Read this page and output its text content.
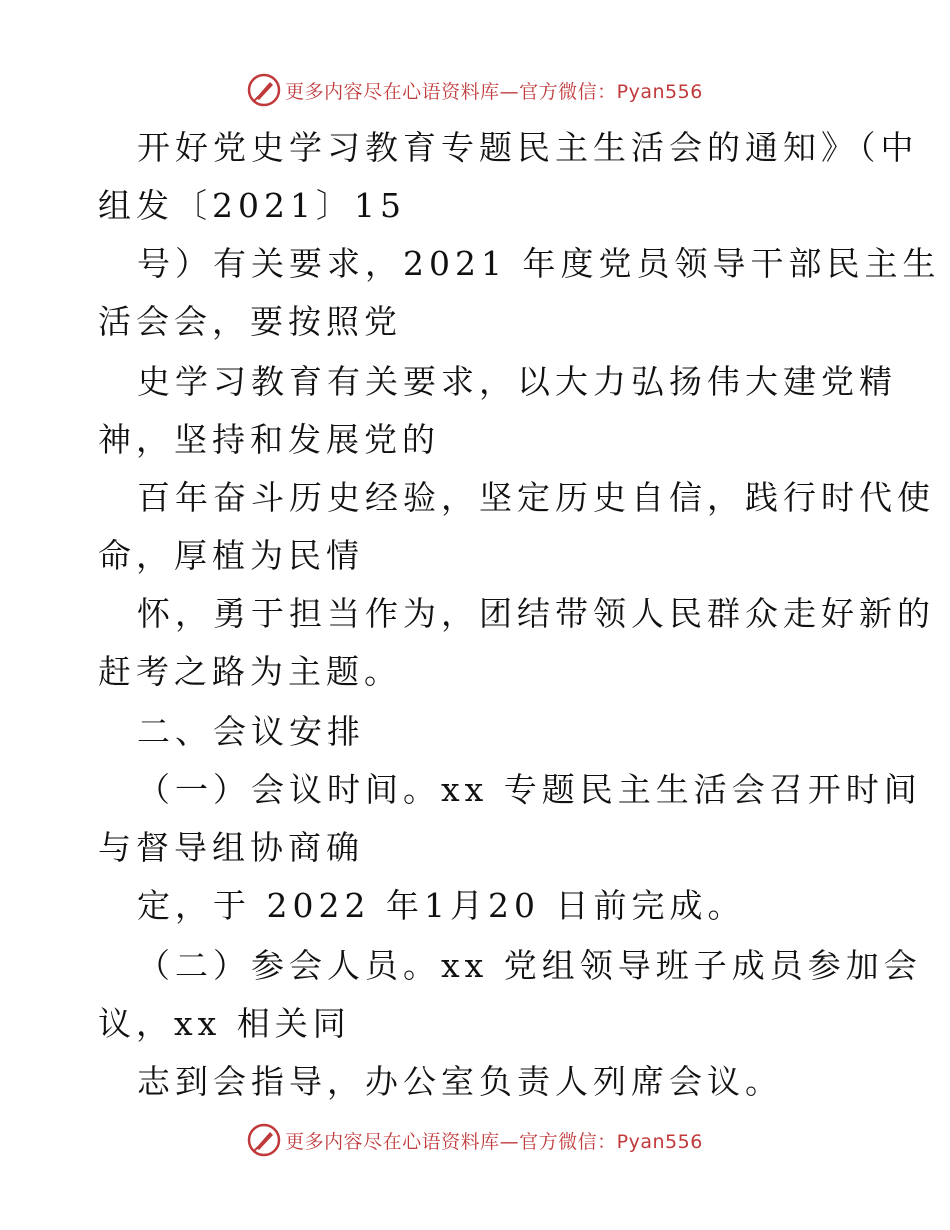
更多内容尽在心语资料库—官方微信：Pyan556
开好党史学习教育专题民主生活会的通知》（中
组发〔2021〕15
号）有关要求，2021 年度党员领导干部民主生
活会会，要按照党
史学习教育有关要求，以大力弘扬伟大建党精
神，坚持和发展党的
百年奋斗历史经验，坚定历史自信，践行时代使
命，厚植为民情
怀，勇于担当作为，团结带领人民群众走好新的
赶考之路为主题。
二、会议安排
（一）会议时间。xx 专题民主生活会召开时间
与督导组协商确
定，于 2022 年1月20 日前完成。
（二）参会人员。xx 党组领导班子成员参加会
议，xx 相关同
志到会指导，办公室负责人列席会议。
更多内容尽在心语资料库—官方微信：Pyan556
